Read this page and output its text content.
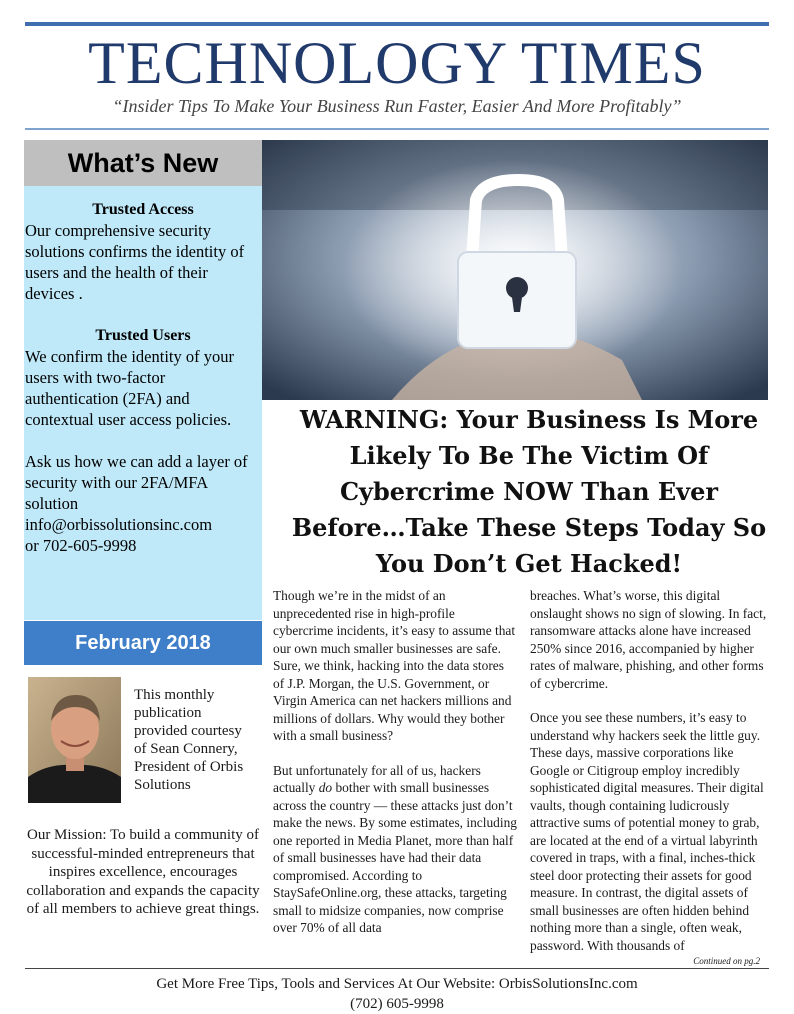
TECHNOLOGY TIMES
“Insider Tips To Make Your Business Run Faster, Easier And More Profitably”
What’s New

Trusted Access

Our comprehensive security solutions confirms the identity of users and the health of their devices .

Trusted Users

We confirm the identity of your users with two-factor authentication (2FA) and contextual user access policies.

Ask us how we can add a layer of security with our 2FA/MFA solution

info@orbissolutionsinc.com

or 702-605-9998

February 2018
This monthly publication provided courtesy of Sean Connery, President of Orbis Solutions
Our Mission: To build a community of successful-minded entrepreneurs that inspires excellence, encourages collaboration and expands the capacity of all members to achieve great things.
WARNING: Your Business Is More Likely To Be The Victim Of Cybercrime NOW Than Ever Before…Take These Steps Today So You Don’t Get Hacked!

Though we’re in the midst of an unprecedented rise in high-profile cybercrime incidents, it’s easy to assume that our own much smaller businesses are safe. Sure, we think, hacking into the data stores of J.P. Morgan, the U.S. Government, or Virgin America can net hackers millions and millions of dollars. Why would they bother with a small business?

But unfortunately for all of us, hackers actually do bother with small businesses across the country — these attacks just don’t make the news. By some estimates, including one reported in Media Planet, more than half of small businesses have had their data compromised. According to StaySafeOnline.org, these attacks, targeting small to midsize companies, now comprise over 70% of all data

breaches. What’s worse, this digital onslaught shows no sign of slowing. In fact, ransomware attacks alone have increased 250% since 2016, accompanied by higher rates of malware, phishing, and other forms of cybercrime.

Once you see these numbers, it’s easy to understand why hackers seek the little guy. These days, massive corporations like Google or Citigroup employ incredibly sophisticated digital measures. Their digital vaults, though containing ludicrously attractive sums of potential money to grab, are located at the end of a virtual labyrinth covered in traps, with a final, inches-thick steel door protecting their assets for good measure. In contrast, the digital assets of small businesses are often hidden behind nothing more than a single, often weak, password. With thousands of

Continued on pg.2
Get More Free Tips, Tools and Services At Our Website: OrbisSolutionsInc.com
(702) 605-9998
